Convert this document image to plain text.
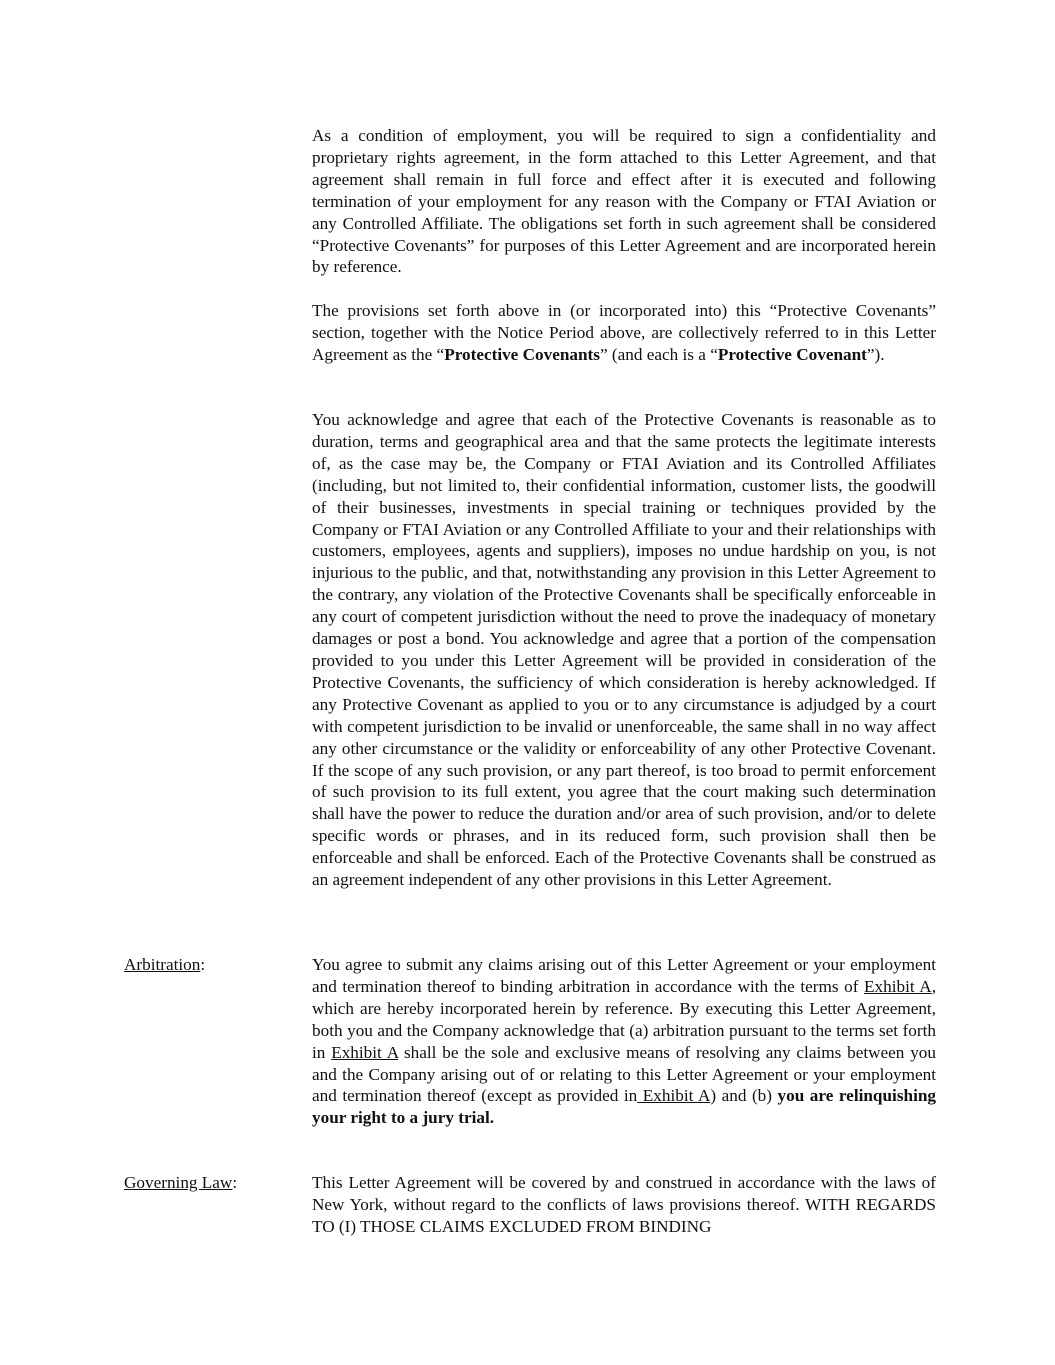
As a condition of employment, you will be required to sign a confidentiality and proprietary rights agreement, in the form attached to this Letter Agreement, and that agreement shall remain in full force and effect after it is executed and following termination of your employment for any reason with the Company or FTAI Aviation or any Controlled Affiliate. The obligations set forth in such agreement shall be considered “Protective Covenants” for purposes of this Letter Agreement and are incorporated herein by reference.

The provisions set forth above in (or incorporated into) this “Protective Covenants” section, together with the Notice Period above, are collectively referred to in this Letter Agreement as the “Protective Covenants” (and each is a “Protective Covenant”).

You acknowledge and agree that each of the Protective Covenants is reasonable as to duration, terms and geographical area and that the same protects the legitimate interests of, as the case may be, the Company or FTAI Aviation and its Controlled Affiliates (including, but not limited to, their confidential information, customer lists, the goodwill of their businesses, investments in special training or techniques provided by the Company or FTAI Aviation or any Controlled Affiliate to your and their relationships with customers, employees, agents and suppliers), imposes no undue hardship on you, is not injurious to the public, and that, notwithstanding any provision in this Letter Agreement to the contrary, any violation of the Protective Covenants shall be specifically enforceable in any court of competent jurisdiction without the need to prove the inadequacy of monetary damages or post a bond. You acknowledge and agree that a portion of the compensation provided to you under this Letter Agreement will be provided in consideration of the Protective Covenants, the sufficiency of which consideration is hereby acknowledged. If any Protective Covenant as applied to you or to any circumstance is adjudged by a court with competent jurisdiction to be invalid or unenforceable, the same shall in no way affect any other circumstance or the validity or enforceability of any other Protective Covenant. If the scope of any such provision, or any part thereof, is too broad to permit enforcement of such provision to its full extent, you agree that the court making such determination shall have the power to reduce the duration and/or area of such provision, and/or to delete specific words or phrases, and in its reduced form, such provision shall then be enforceable and shall be enforced. Each of the Protective Covenants shall be construed as an agreement independent of any other provisions in this Letter Agreement.

Arbitration:	You agree to submit any claims arising out of this Letter Agreement or your employment and termination thereof to binding arbitration in accordance with the terms of Exhibit A, which are hereby incorporated herein by reference. By executing this Letter Agreement, both you and the Company acknowledge that (a) arbitration pursuant to the terms set forth in Exhibit A shall be the sole and exclusive means of resolving any claims between you and the Company arising out of or relating to this Letter Agreement or your employment and termination thereof (except as provided in Exhibit A) and (b) you are relinquishing your right to a jury trial.

Governing Law:	This Letter Agreement will be covered by and construed in accordance with the laws of New York, without regard to the conflicts of laws provisions thereof. WITH REGARDS TO (I) THOSE CLAIMS EXCLUDED FROM BINDING
